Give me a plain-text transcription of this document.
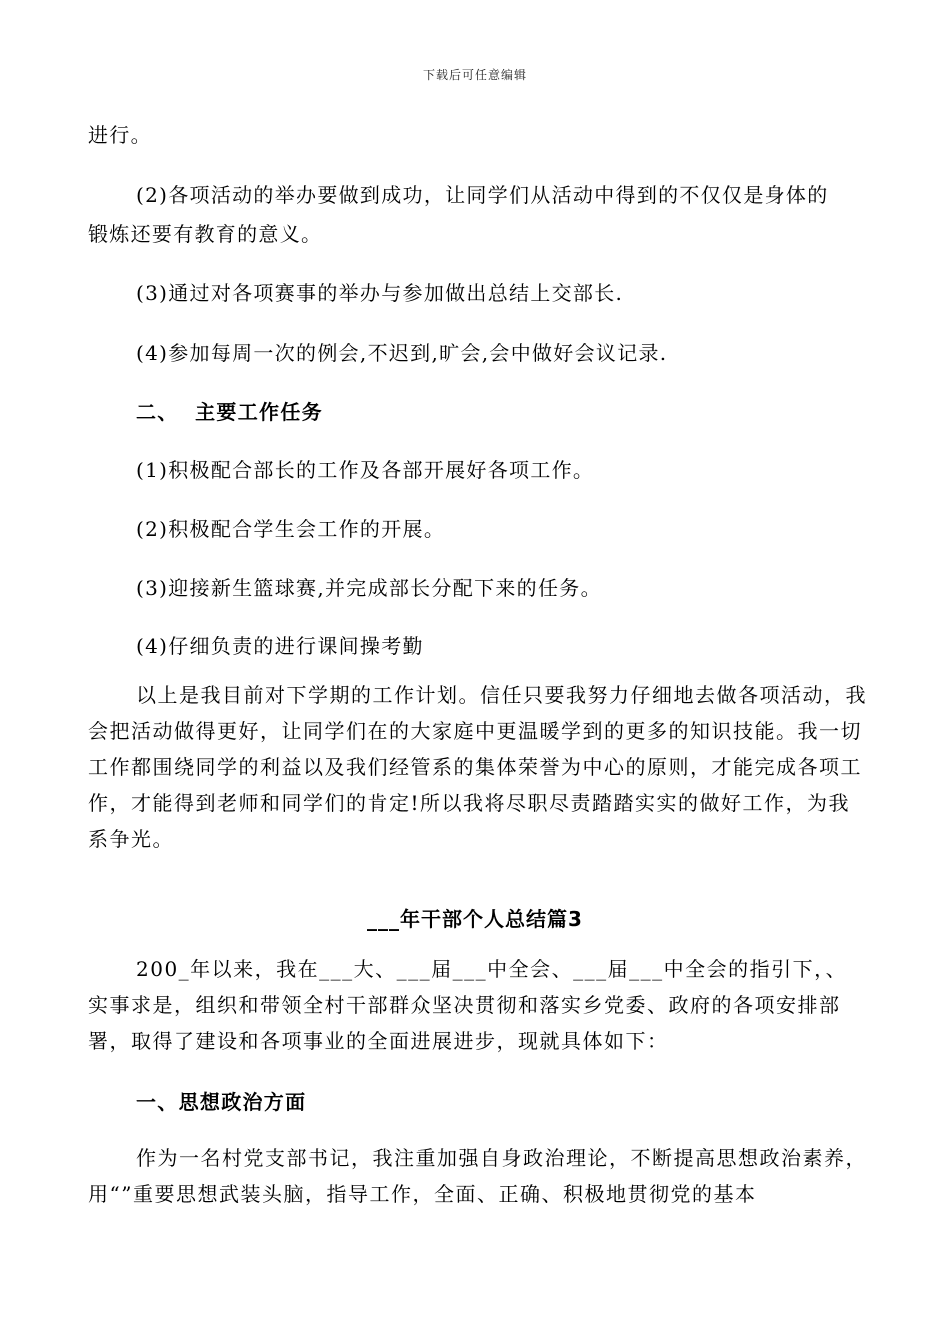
下载后可任意编辑
进行。
(2)各项活动的举办要做到成功，让同学们从活动中得到的不仅仅是身体的
锻炼还要有教育的意义。
(3)通过对各项赛事的举办与参加做出总结上交部长.
(4)参加每周一次的例会,不迟到,旷会,会中做好会议记录.
二、  主要工作任务
(1)积极配合部长的工作及各部开展好各项工作。
(2)积极配合学生会工作的开展。
(3)迎接新生篮球赛,并完成部长分配下来的任务。
(4)仔细负责的进行课间操考勤
以上是我目前对下学期的工作计划。信任只要我努力仔细地去做各项活动，我会把活动做得更好，让同学们在的大家庭中更温暖学到的更多的知识技能。我一切工作都围绕同学的利益以及我们经管系的集体荣誉为中心的原则，才能完成各项工作，才能得到老师和同学们的肯定!所以我将尽职尽责踏踏实实的做好工作，为我系争光。
___年干部个人总结篇3
200_年以来，我在___大、___届___中全会、___届___中全会的指引下，、实事求是，组织和带领全村干部群众坚决贯彻和落实乡党委、政府的各项安排部署，取得了建设和各项事业的全面进展进步，现就具体如下：
一、思想政治方面
作为一名村党支部书记，我注重加强自身政治理论，不断提高思想政治素养，用“”重要思想武装头脑，指导工作，全面、正确、积极地贯彻党的基本
